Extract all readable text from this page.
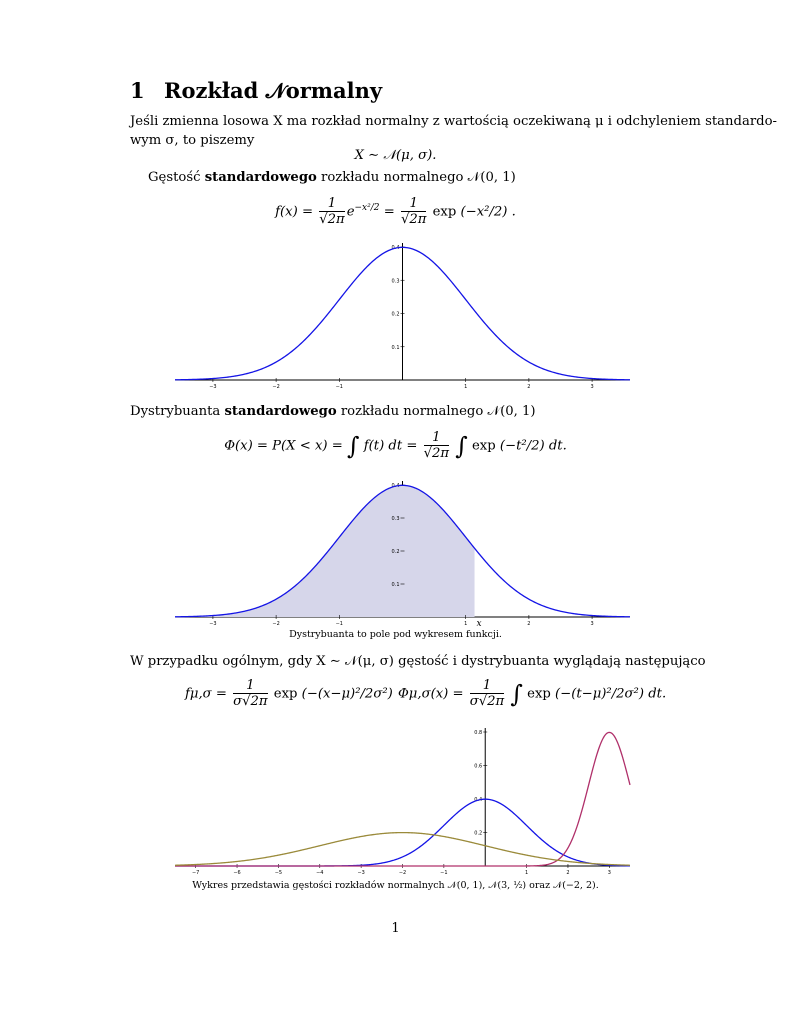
1 Rozkład 𝒩ormalny
Jeśli zmienna losowa X ma rozkład normalny z wartością oczekiwaną μ i odchyleniem standardo-
wym σ, to piszemy
X ∼ 𝒩(μ, σ).
Gęstość standardowego rozkładu normalnego 𝒩(0, 1)
$f(x) = \frac{1}{√2\pi} e^{-x^2/2} = \frac{1}{√2\pi}$ exp (−x²/2) .
−3	−2	−1	1	2	3
0.1
0.2
0.3
0.4
Dystrybuanta standardowego rozkładu normalnego 𝒩(0, 1)
Φ(x) = P(X < x) = ∫ f(t) dt = $\frac{1}{√2\pi}$ ∫ exp (−t²/2) dt.
x
−3	−2	−1	1	2	3
0.1
0.2
0.3
0.4
Dystrybuanta to pole pod wykresem funkcji.
W przypadku ogólnym, gdy X ∼ 𝒩(μ, σ) gęstość i dystrybuanta wyglądają następująco
$f\mu,\sigma = \frac{1}{\sigma√2\pi}$ exp (−(x−μ)²/2σ²) $\Phi\mu,\sigma(x) = \frac{1}{\sigma√2\pi}$ ∫ exp (−(t−μ)²/2σ²) dt.
−7	−6	−5	−4	−3	−2	−1	1	2	3
0.2
0.4
0.6
0.8
Wykres przedstawia gęstości rozkładów normalnych 𝒩(0, 1), 𝒩(3, ½) oraz 𝒩(−2, 2).
1
